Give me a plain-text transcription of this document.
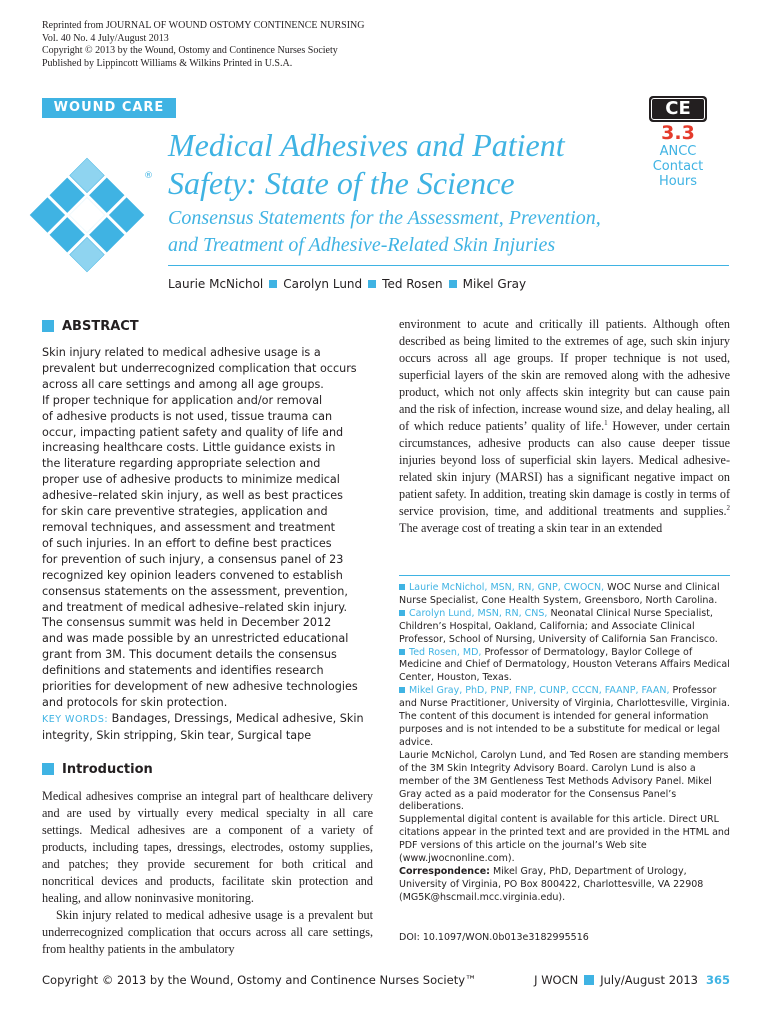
Reprinted from JOURNAL OF WOUND OSTOMY CONTINENCE NURSING
Vol. 40 No. 4 July/August 2013
Copyright © 2013 by the Wound, Ostomy and Continence Nurses Society
Published by Lippincott Williams & Wilkins Printed in U.S.A.
WOUND CARE
®
CE
3.3
ANCC
Contact
Hours
Medical Adhesives and Patient
Safety: State of the Science
Consensus Statements for the Assessment, Prevention,
and Treatment of Adhesive-Related Skin Injuries
Laurie McNichol Carolyn Lund Ted Rosen Mikel Gray
ABSTRACT
Skin injury related to medical adhesive usage is a
prevalent but underrecognized complication that occurs
across all care settings and among all age groups.
If proper technique for application and/or removal
of adhesive products is not used, tissue trauma can
occur, impacting patient safety and quality of life and
increasing healthcare costs. Little guidance exists in
the literature regarding appropriate selection and
proper use of adhesive products to minimize medical
adhesive–related skin injury, as well as best practices
for skin care preventive strategies, application and
removal techniques, and assessment and treatment
of such injuries. In an effort to define best practices
for prevention of such injury, a consensus panel of 23
recognized key opinion leaders convened to establish
consensus statements on the assessment, prevention,
and treatment of medical adhesive–related skin injury.
The consensus summit was held in December 2012
and was made possible by an unrestricted educational
grant from 3M. This document details the consensus
definitions and statements and identifies research
priorities for development of new adhesive technologies
and protocols for skin protection.

KEY WORDS: Bandages, Dressings, Medical adhesive, Skin integrity, Skin stripping, Skin tear, Surgical tape

Introduction

Medical adhesives comprise an integral part of healthcare delivery and are used by virtually every medical specialty in all care settings. Medical adhesives are a component of a variety of products, including tapes, dressings, electrodes, ostomy supplies, and patches; they provide securement for both critical and noncritical devices and products, facilitate skin protection and healing, and allow noninvasive monitoring.

Skin injury related to medical adhesive usage is a prevalent but underrecognized complication that occurs across all care settings, from healthy patients in the ambulatory

environment to acute and critically ill patients. Although often described as being limited to the extremes of age, such skin injury occurs across all age groups. If proper technique is not used, superficial layers of the skin are removed along with the adhesive product, which not only affects skin integrity but can cause pain and the risk of infection, increase wound size, and delay healing, all of which reduce patients’ quality of life.$^1$ However, under certain circumstances, adhesive products can also cause deeper tissue injuries beyond loss of superficial skin layers. Medical adhesive-related skin injury (MARSI) has a significant negative impact on patient safety. In addition, treating skin damage is costly in terms of service provision, time, and additional treatments and supplies.$^2$ The average cost of treating a skin tear in an extended

Laurie McNichol, MSN, RN, GNP, CWOCN, WOC Nurse and Clinical Nurse Specialist, Cone Health System, Greensboro, North Carolina.

Carolyn Lund, MSN, RN, CNS, Neonatal Clinical Nurse Specialist, Children’s Hospital, Oakland, California; and Associate Clinical Professor, School of Nursing, University of California San Francisco.

Ted Rosen, MD, Professor of Dermatology, Baylor College of Medicine and Chief of Dermatology, Houston Veterans Affairs Medical Center, Houston, Texas.

Mikel Gray, PhD, PNP, FNP, CUNP, CCCN, FAANP, FAAN, Professor and Nurse Practitioner, University of Virginia, Charlottesville, Virginia.

The content of this document is intended for general information purposes and is not intended to be a substitute for medical or legal advice.

Laurie McNichol, Carolyn Lund, and Ted Rosen are standing members of the 3M Skin Integrity Advisory Board. Carolyn Lund is also a member of the 3M Gentleness Test Methods Advisory Panel. Mikel Gray acted as a paid moderator for the Consensus Panel’s deliberations.

Supplemental digital content is available for this article. Direct URL citations appear in the printed text and are provided in the HTML and PDF versions of this article on the journal’s Web site (www.jwocnonline.com).

Correspondence: Mikel Gray, PhD, Department of Urology, University of Virginia, PO Box 800422, Charlottesville, VA 22908 (MG5K@hscmail.mcc.virginia.edu).

DOI: 10.1097/WON.0b013e3182995516
Copyright © 2013 by the Wound, Ostomy and Continence Nurses Society™	J WOCN July/August 2013 365
